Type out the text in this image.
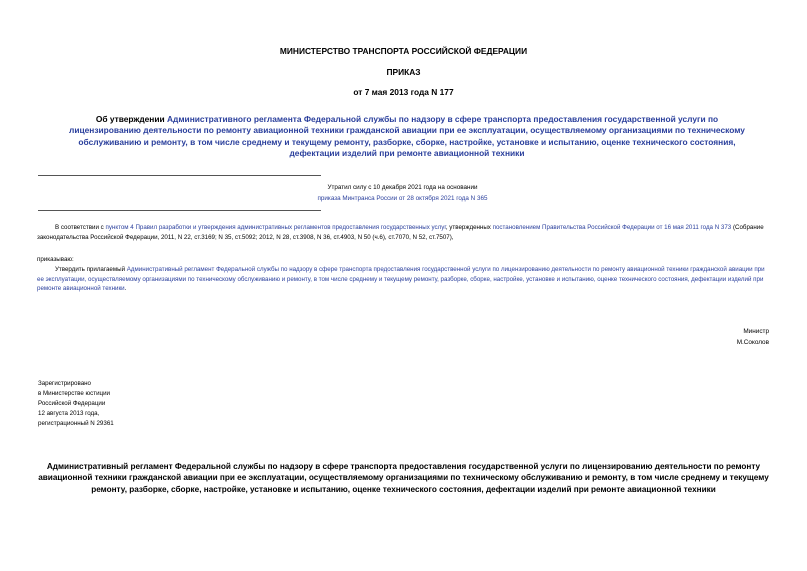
МИНИСТЕРСТВО ТРАНСПОРТА РОССИЙСКОЙ ФЕДЕРАЦИИ
ПРИКАЗ
от 7 мая 2013 года N 177
Об утверждении Административного регламента Федеральной службы по надзору в сфере транспорта предоставления государственной услуги по лицензированию деятельности по ремонту авиационной техники гражданской авиации при ее эксплуатации, осуществляемому организациями по техническому обслуживанию и ремонту, в том числе среднему и текущему ремонту, разборке, сборке, настройке, установке и испытанию, оценке технического состояния, дефектации изделий при ремонте авиационной техники
Утратил силу с 10 декабря 2021 года на основании
приказа Минтранса России от 28 октября 2021 года N 365
В соответствии с пунктом 4 Правил разработки и утверждения административных регламентов предоставления государственных услуг, утвержденных постановлением Правительства Российской Федерации от 16 мая 2011 года N 373 (Собрание законодательства Российской Федерации, 2011, N 22, ст.3169; N 35, ст.5092; 2012, N 28, ст.3908, N 36, ст.4903, N 50 (ч.6), ст.7070, N 52, ст.7507),
приказываю:
Утвердить прилагаемый Административный регламент Федеральной службы по надзору в сфере транспорта предоставления государственной услуги по лицензированию деятельности по ремонту авиационной техники гражданской авиации при ее эксплуатации, осуществляемому организациями по техническому обслуживанию и ремонту, в том числе среднему и текущему ремонту, разборке, сборке, настройке, установке и испытанию, оценке технического состояния, дефектации изделий при ремонте авиационной техники.
Министр
М.Соколов
Зарегистрировано
в Министерстве юстиции
Российской Федерации
12 августа 2013 года,
регистрационный N 29361
Административный регламент Федеральной службы по надзору в сфере транспорта предоставления государственной услуги по лицензированию деятельности по ремонту авиационной техники гражданской авиации при ее эксплуатации, осуществляемому организациями по техническому обслуживанию и ремонту, в том числе среднему и текущему ремонту, разборке, сборке, настройке, установке и испытанию, оценке технического состояния, дефектации изделий при ремонте авиационной техники
